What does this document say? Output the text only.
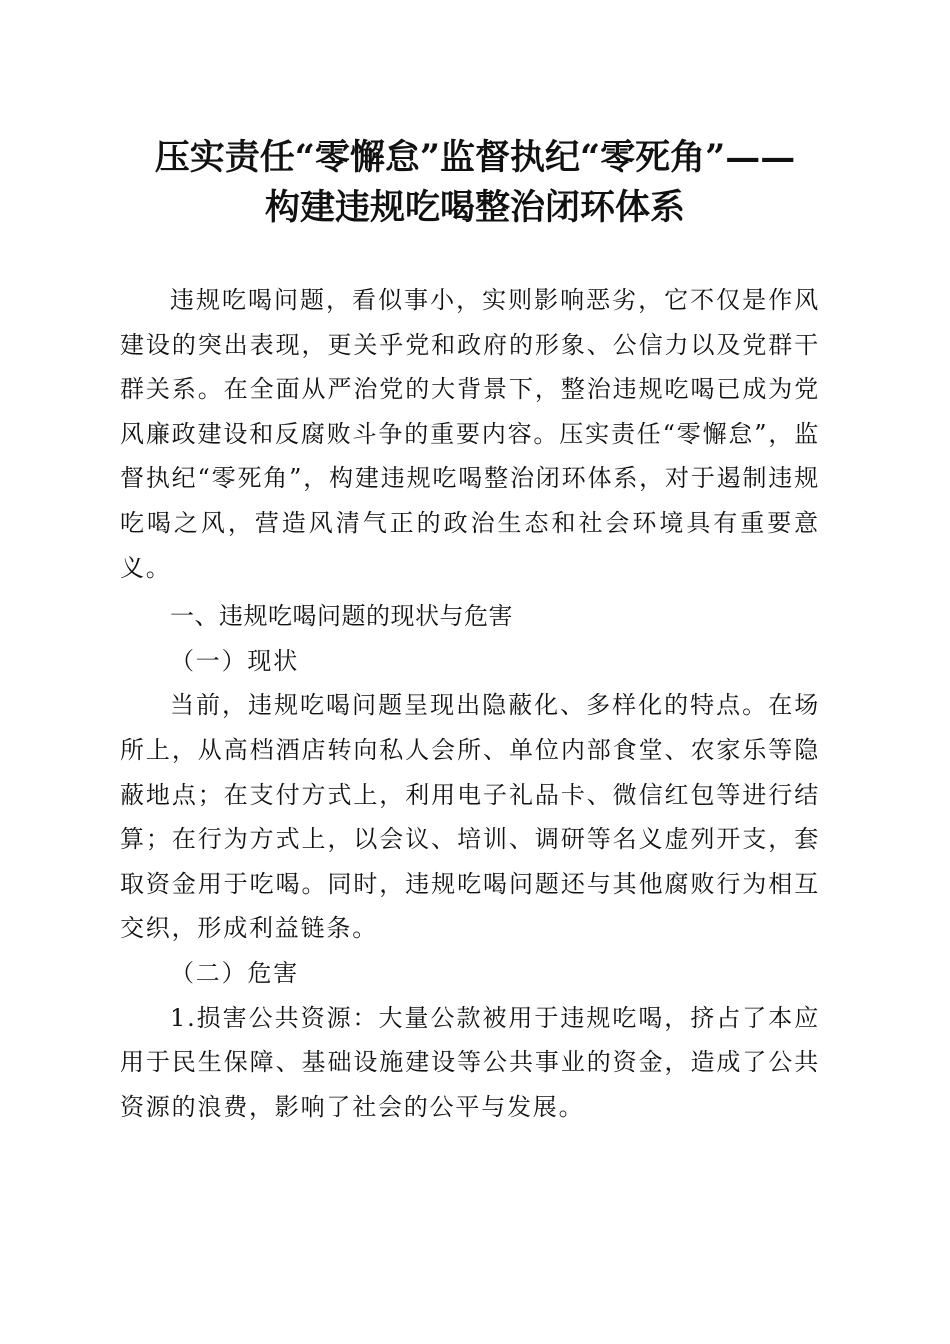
压实责任“零懈怠”监督执纪“零死角”——
构建违规吃喝整治闭环体系

违规吃喝问题，看似事小，实则影响恶劣，它不仅是作风建设的突出表现，更关乎党和政府的形象、公信力以及党群干群关系。在全面从严治党的大背景下，整治违规吃喝已成为党风廉政建设和反腐败斗争的重要内容。压实责任“零懈怠”，监督执纪“零死角”，构建违规吃喝整治闭环体系，对于遏制违规吃喝之风，营造风清气正的政治生态和社会环境具有重要意义。

一、违规吃喝问题的现状与危害

（一）现状

当前，违规吃喝问题呈现出隐蔽化、多样化的特点。在场所上，从高档酒店转向私人会所、单位内部食堂、农家乐等隐蔽地点；在支付方式上，利用电子礼品卡、微信红包等进行结算；在行为方式上，以会议、培训、调研等名义虚列开支，套取资金用于吃喝。同时，违规吃喝问题还与其他腐败行为相互交织，形成利益链条。

（二）危害

1.损害公共资源：大量公款被用于违规吃喝，挤占了本应用于民生保障、基础设施建设等公共事业的资金，造成了公共资源的浪费，影响了社会的公平与发展。
